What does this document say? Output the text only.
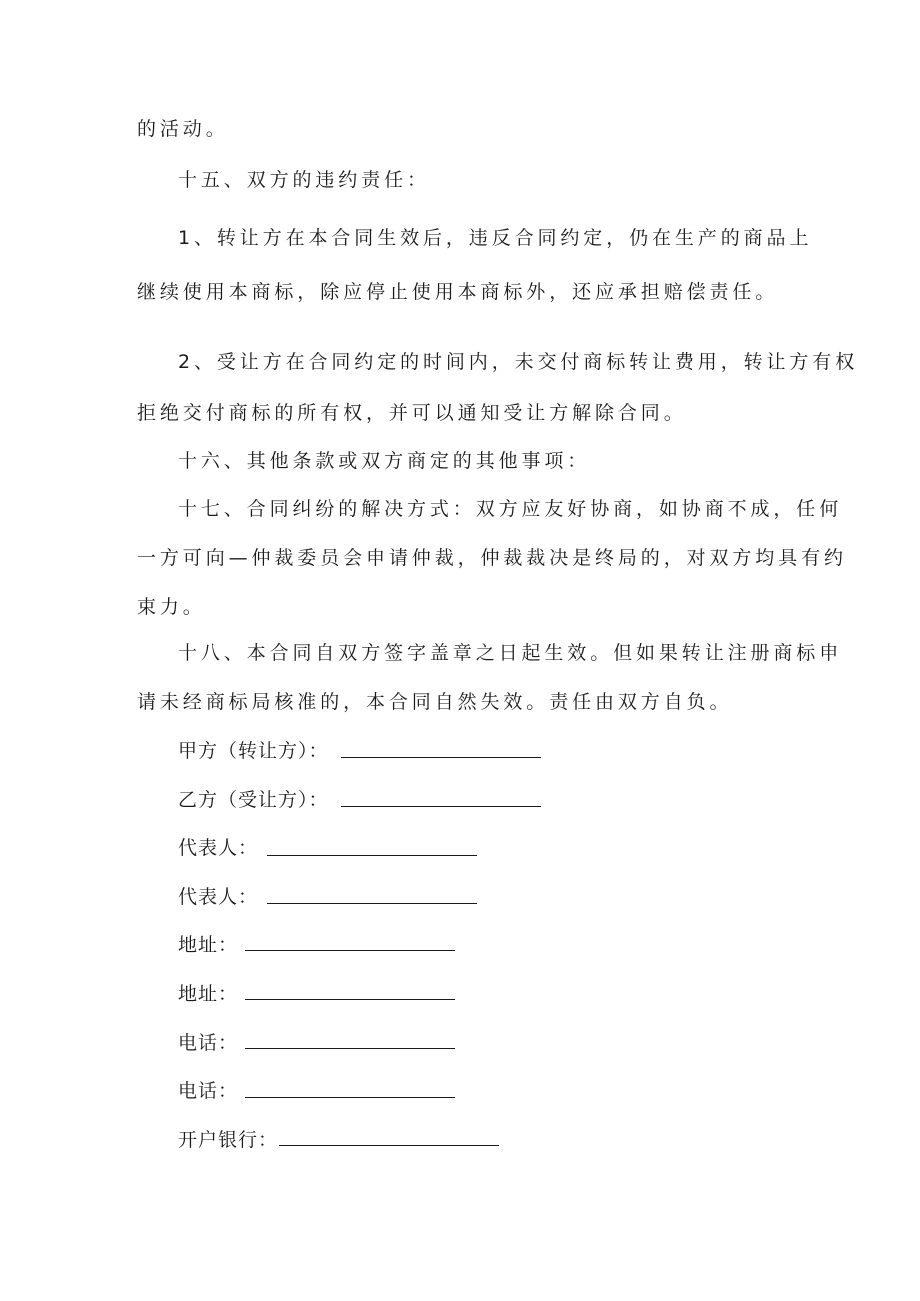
的活动。
十五、双方的违约责任：
1、转让方在本合同生效后，违反合同约定，仍在生产的商品上
继续使用本商标，除应停止使用本商标外，还应承担赔偿责任。
2、受让方在合同约定的时间内，未交付商标转让费用，转让方有权
拒绝交付商标的所有权，并可以通知受让方解除合同。
十六、其他条款或双方商定的其他事项：
十七、合同纠纷的解决方式：双方应友好协商，如协商不成，任何
一方可向—仲裁委员会申请仲裁，仲裁裁决是终局的，对双方均具有约
束力。
十八、本合同自双方签字盖章之日起生效。但如果转让注册商标申
请未经商标局核准的，本合同自然失效。责任由双方自负。
甲方（转让方）：
乙方（受让方）：
代表人：
代表人：
地址：
地址：
电话：
电话：
开户银行：
